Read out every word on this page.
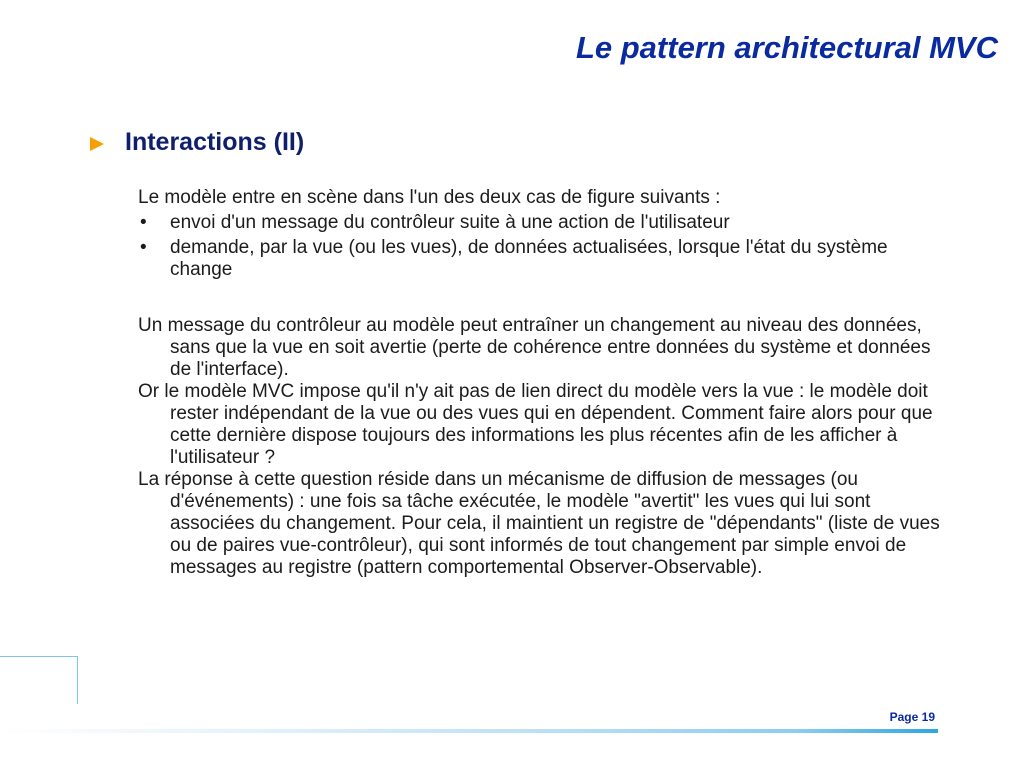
Le pattern architectural MVC
Interactions (II)

Le modèle entre en scène dans l'un des deux cas de figure suivants :

• envoi d'un message du contrôleur suite à une action de l'utilisateur
• demande, par la vue (ou les vues), de données actualisées, lorsque l'état du système change

Un message du contrôleur au modèle peut entraîner un changement au niveau des données, sans que la vue en soit avertie (perte de cohérence entre données du système et données de l'interface).

Or le modèle MVC impose qu'il n'y ait pas de lien direct du modèle vers la vue : le modèle doit rester indépendant de la vue ou des vues qui en dépendent. Comment faire alors pour que cette dernière dispose toujours des informations les plus récentes afin de les afficher à l'utilisateur ?

La réponse à cette question réside dans un mécanisme de diffusion de messages (ou d'événements) : une fois sa tâche exécutée, le modèle "avertit" les vues qui lui sont associées du changement. Pour cela, il maintient un registre de "dépendants" (liste de vues ou de paires vue-contrôleur), qui sont informés de tout changement par simple envoi de messages au registre (pattern comportemental Observer-Observable).

Page 19
